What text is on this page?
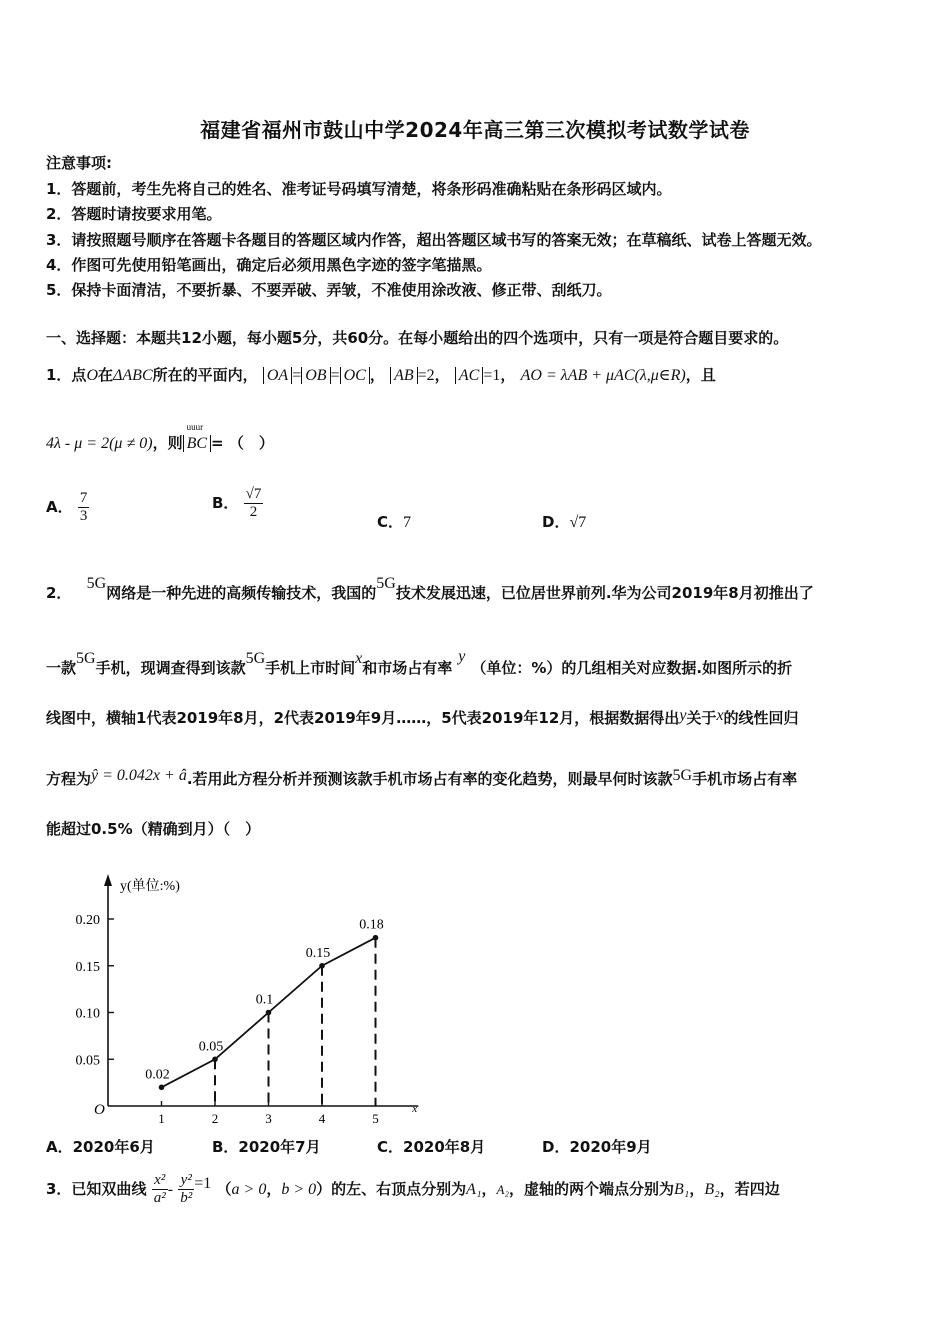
福建省福州市鼓山中学2024年高三第三次模拟考试数学试卷
注意事项:
1．答题前，考生先将自己的姓名、准考证号码填写清楚，将条形码准确粘贴在条形码区域内。
2．答题时请按要求用笔。
3．请按照题号顺序在答题卡各题目的答题区域内作答，超出答题区域书写的答案无效；在草稿纸、试卷上答题无效。
4．作图可先使用铅笔画出，确定后必须用黑色字迹的签字笔描黑。
5．保持卡面清洁，不要折暴、不要弄破、弄皱，不准使用涂改液、修正带、刮纸刀。
一、选择题：本题共12小题，每小题5分，共60分。在每小题给出的四个选项中，只有一项是符合题目要求的。
1．点O在ΔABC所在的平面内， OA = OB = OC ， AB =2， AC =1， AO = λAB + μAC(λ,μ∈R)，且
4λ - μ = 2(μ ≠ 0)，则
uuur
BC = （　）
A． $\frac{7}{3}$	B． $\frac{√7}{2}$
C．7	D．√7
2． 5G网络是一种先进的高频传输技术，我国的5G技术发展迅速，已位居世界前列.华为公司2019年8月初推出了
一款5G手机，现调查得到该款5G手机上市时间x和市场占有率y（单位：%）的几组相关对应数据.如图所示的折
线图中，横轴1代表2019年8月，2代表2019年9月……，5代表2019年12月，根据数据得出y关于x的线性回归
方程为ŷ = 0.042x + â.若用此方程分析并预测该款手机市场占有率的变化趋势，则最早何时该款5G手机市场占有率
能超过0.5%（精确到月）（　）
y(单位:%)
x
O
0.05
0.10
0.15
0.20
1	2	3	4	5
0.02
0.05
0.1
0.15
0.18
A．2020年6月	B．2020年7月	C．2020年8月	D．2020年9月
3．已知双曲线 $\frac{\text{x²}}{\text{a²}} - \frac{\text{y²}}{\text{b²}} =1$ （a > 0，b > 0）的左、右顶点分别为A₁，A₂，虚轴的两个端点分别为B₁，B₂，若四边
